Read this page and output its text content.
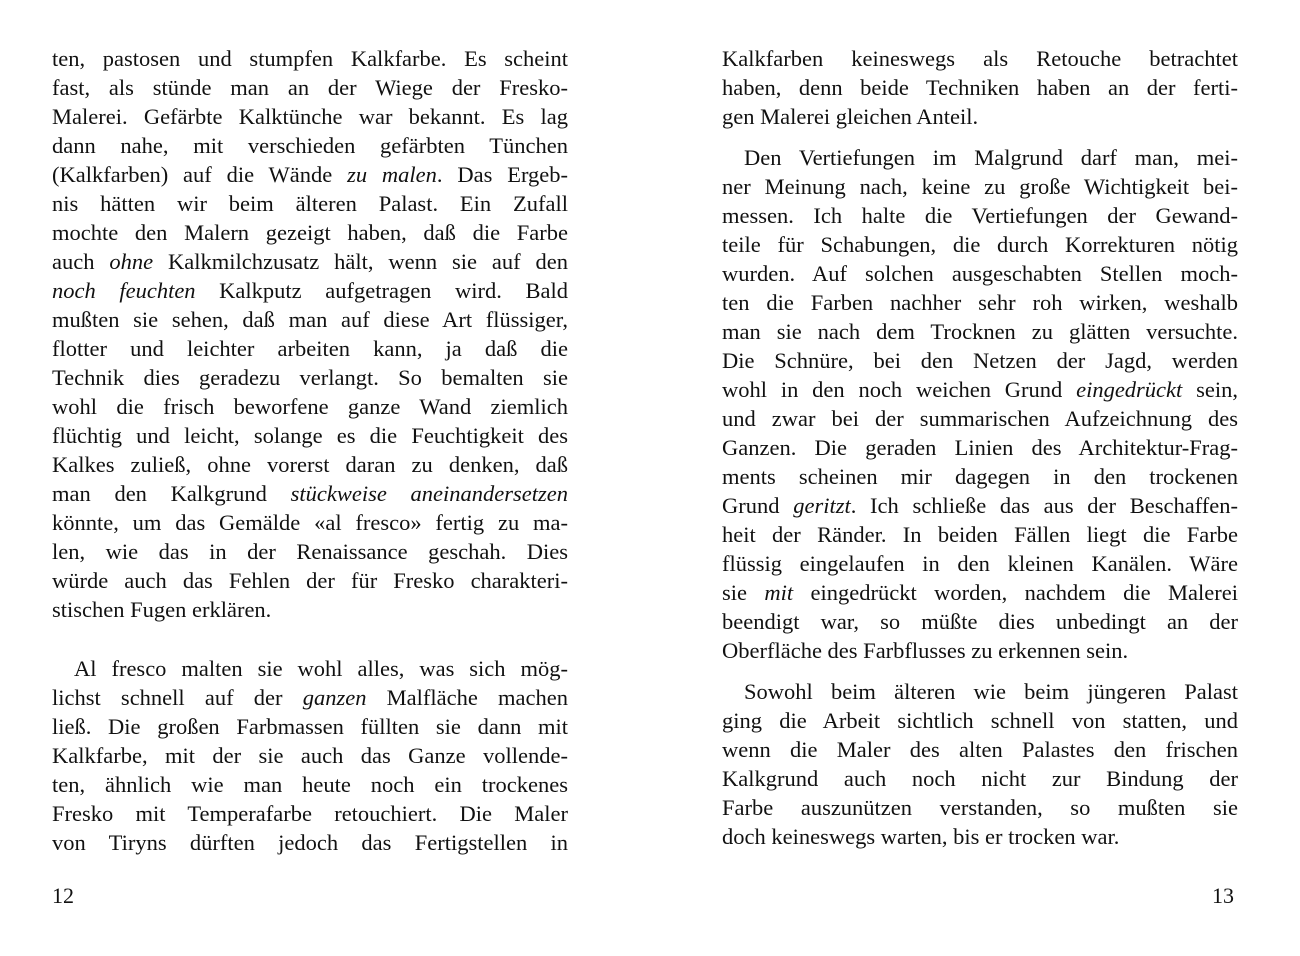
ten, pastosen und stumpfen Kalkfarbe. Es scheint
fast, als stünde man an der Wiege der Fresko-
Malerei. Gefärbte Kalktünche war bekannt. Es lag
dann nahe, mit verschieden gefärbten Tünchen
(Kalkfarben) auf die Wände zu malen. Das Ergeb-
nis hätten wir beim älteren Palast. Ein Zufall
mochte den Malern gezeigt haben, daß die Farbe
auch ohne Kalkmilchzusatz hält, wenn sie auf den
noch feuchten Kalkputz aufgetragen wird. Bald
mußten sie sehen, daß man auf diese Art flüssiger,
flotter und leichter arbeiten kann, ja daß die
Technik dies geradezu verlangt. So bemalten sie
wohl die frisch beworfene ganze Wand ziemlich
flüchtig und leicht, solange es die Feuchtigkeit des
Kalkes zuließ, ohne vorerst daran zu denken, daß
man den Kalkgrund stückweise aneinandersetzen
könnte, um das Gemälde «al fresco» fertig zu ma-
len, wie das in der Renaissance geschah. Dies
würde auch das Fehlen der für Fresko charakteri-
stischen Fugen erklären.
Al fresco malten sie wohl alles, was sich mög-
lichst schnell auf der ganzen Malfläche machen
ließ. Die großen Farbmassen füllten sie dann mit
Kalkfarbe, mit der sie auch das Ganze vollende-
ten, ähnlich wie man heute noch ein trockenes
Fresko mit Temperafarbe retouchiert. Die Maler
von Tiryns dürften jedoch das Fertigstellen in
12
Kalkfarben keineswegs als Retouche betrachtet
haben, denn beide Techniken haben an der ferti-
gen Malerei gleichen Anteil.
Den Vertiefungen im Malgrund darf man, mei-
ner Meinung nach, keine zu große Wichtigkeit bei-
messen. Ich halte die Vertiefungen der Gewand-
teile für Schabungen, die durch Korrekturen nötig
wurden. Auf solchen ausgeschabten Stellen moch-
ten die Farben nachher sehr roh wirken, weshalb
man sie nach dem Trocknen zu glätten versuchte.
Die Schnüre, bei den Netzen der Jagd, werden
wohl in den noch weichen Grund eingedrückt sein,
und zwar bei der summarischen Aufzeichnung des
Ganzen. Die geraden Linien des Architektur-Frag-
ments scheinen mir dagegen in den trockenen
Grund geritzt. Ich schließe das aus der Beschaffen-
heit der Ränder. In beiden Fällen liegt die Farbe
flüssig eingelaufen in den kleinen Kanälen. Wäre
sie mit eingedrückt worden, nachdem die Malerei
beendigt war, so müßte dies unbedingt an der
Oberfläche des Farbflusses zu erkennen sein.
Sowohl beim älteren wie beim jüngeren Palast
ging die Arbeit sichtlich schnell von statten, und
wenn die Maler des alten Palastes den frischen
Kalkgrund auch noch nicht zur Bindung der
Farbe auszunützen verstanden, so mußten sie
doch keineswegs warten, bis er trocken war.
13
